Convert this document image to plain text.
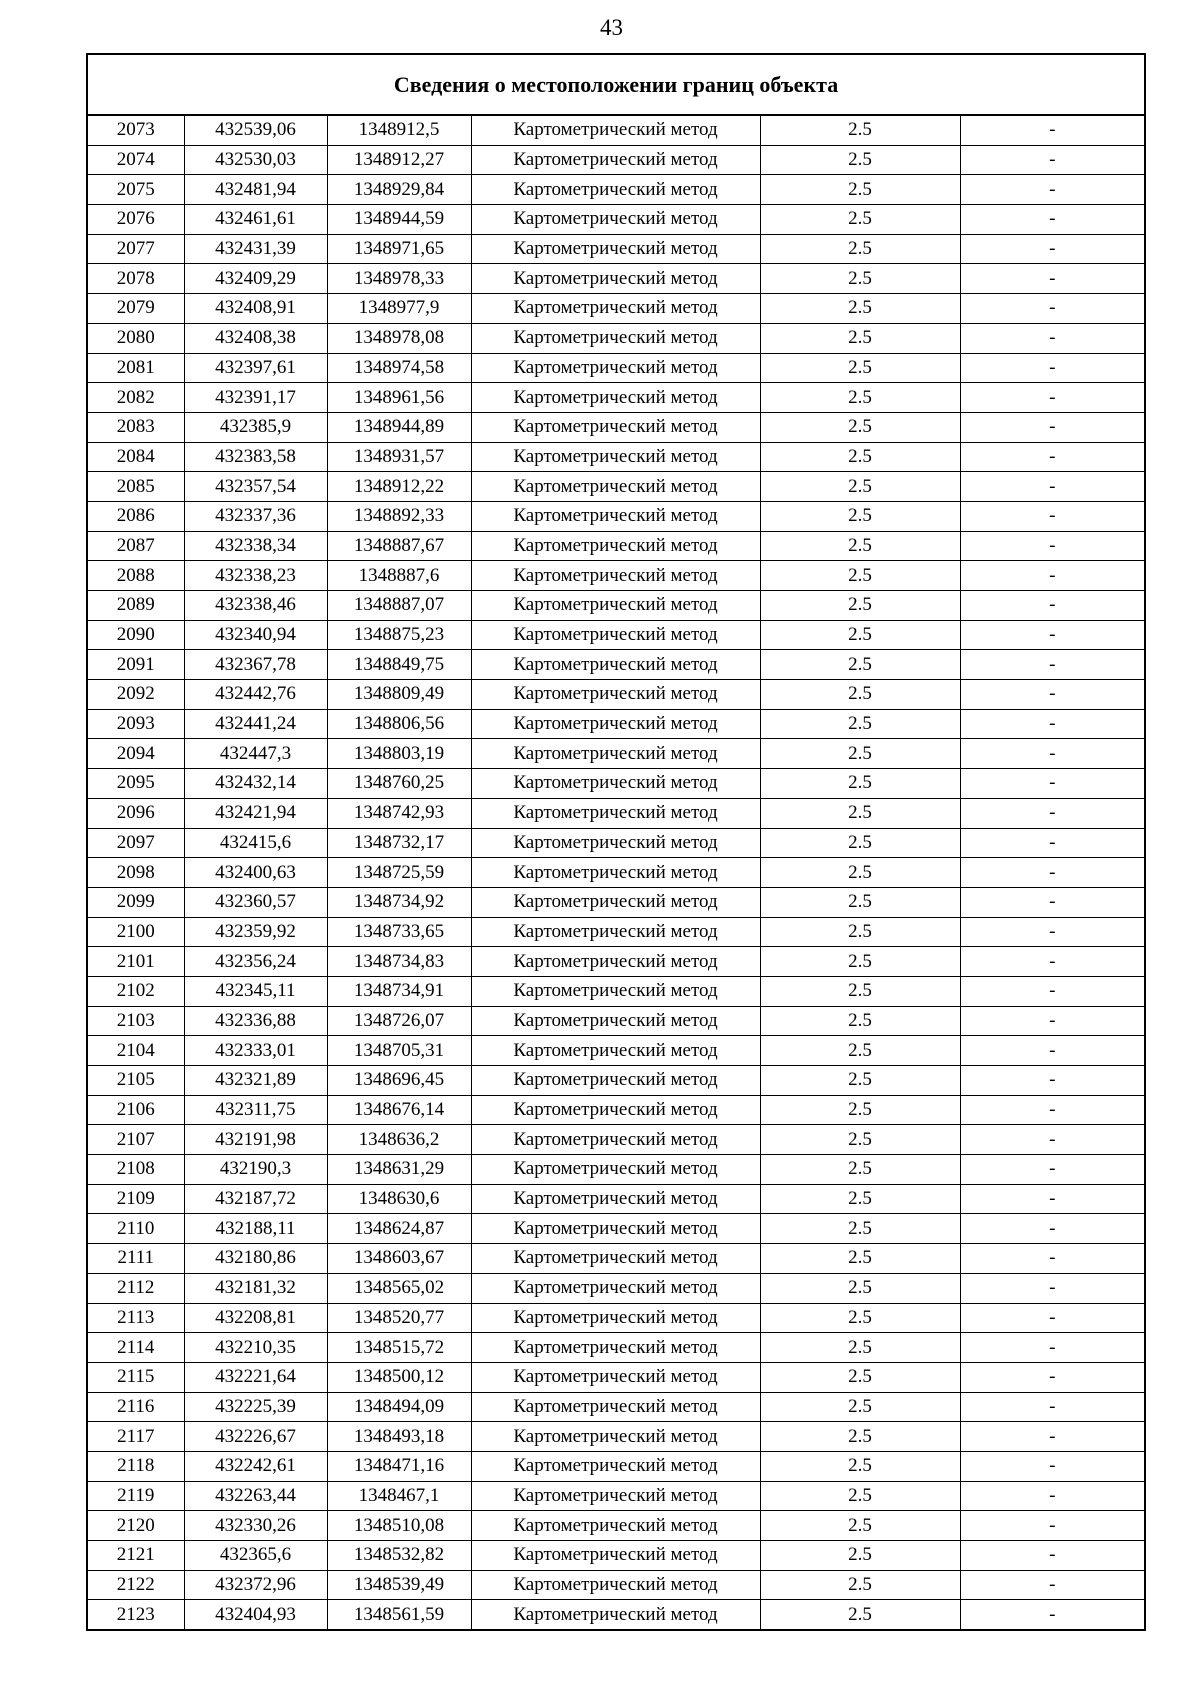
43
Сведения о местоположении границ объекта					
2073	432539,06	1348912,5	Картометрический метод	2.5	-
2074	432530,03	1348912,27	Картометрический метод	2.5	-
2075	432481,94	1348929,84	Картометрический метод	2.5	-
2076	432461,61	1348944,59	Картометрический метод	2.5	-
2077	432431,39	1348971,65	Картометрический метод	2.5	-
2078	432409,29	1348978,33	Картометрический метод	2.5	-
2079	432408,91	1348977,9	Картометрический метод	2.5	-
2080	432408,38	1348978,08	Картометрический метод	2.5	-
2081	432397,61	1348974,58	Картометрический метод	2.5	-
2082	432391,17	1348961,56	Картометрический метод	2.5	-
2083	432385,9	1348944,89	Картометрический метод	2.5	-
2084	432383,58	1348931,57	Картометрический метод	2.5	-
2085	432357,54	1348912,22	Картометрический метод	2.5	-
2086	432337,36	1348892,33	Картометрический метод	2.5	-
2087	432338,34	1348887,67	Картометрический метод	2.5	-
2088	432338,23	1348887,6	Картометрический метод	2.5	-
2089	432338,46	1348887,07	Картометрический метод	2.5	-
2090	432340,94	1348875,23	Картометрический метод	2.5	-
2091	432367,78	1348849,75	Картометрический метод	2.5	-
2092	432442,76	1348809,49	Картометрический метод	2.5	-
2093	432441,24	1348806,56	Картометрический метод	2.5	-
2094	432447,3	1348803,19	Картометрический метод	2.5	-
2095	432432,14	1348760,25	Картометрический метод	2.5	-
2096	432421,94	1348742,93	Картометрический метод	2.5	-
2097	432415,6	1348732,17	Картометрический метод	2.5	-
2098	432400,63	1348725,59	Картометрический метод	2.5	-
2099	432360,57	1348734,92	Картометрический метод	2.5	-
2100	432359,92	1348733,65	Картометрический метод	2.5	-
2101	432356,24	1348734,83	Картометрический метод	2.5	-
2102	432345,11	1348734,91	Картометрический метод	2.5	-
2103	432336,88	1348726,07	Картометрический метод	2.5	-
2104	432333,01	1348705,31	Картометрический метод	2.5	-
2105	432321,89	1348696,45	Картометрический метод	2.5	-
2106	432311,75	1348676,14	Картометрический метод	2.5	-
2107	432191,98	1348636,2	Картометрический метод	2.5	-
2108	432190,3	1348631,29	Картометрический метод	2.5	-
2109	432187,72	1348630,6	Картометрический метод	2.5	-
2110	432188,11	1348624,87	Картометрический метод	2.5	-
2111	432180,86	1348603,67	Картометрический метод	2.5	-
2112	432181,32	1348565,02	Картометрический метод	2.5	-
2113	432208,81	1348520,77	Картометрический метод	2.5	-
2114	432210,35	1348515,72	Картометрический метод	2.5	-
2115	432221,64	1348500,12	Картометрический метод	2.5	-
2116	432225,39	1348494,09	Картометрический метод	2.5	-
2117	432226,67	1348493,18	Картометрический метод	2.5	-
2118	432242,61	1348471,16	Картометрический метод	2.5	-
2119	432263,44	1348467,1	Картометрический метод	2.5	-
2120	432330,26	1348510,08	Картометрический метод	2.5	-
2121	432365,6	1348532,82	Картометрический метод	2.5	-
2122	432372,96	1348539,49	Картометрический метод	2.5	-
2123	432404,93	1348561,59	Картометрический метод	2.5	-
